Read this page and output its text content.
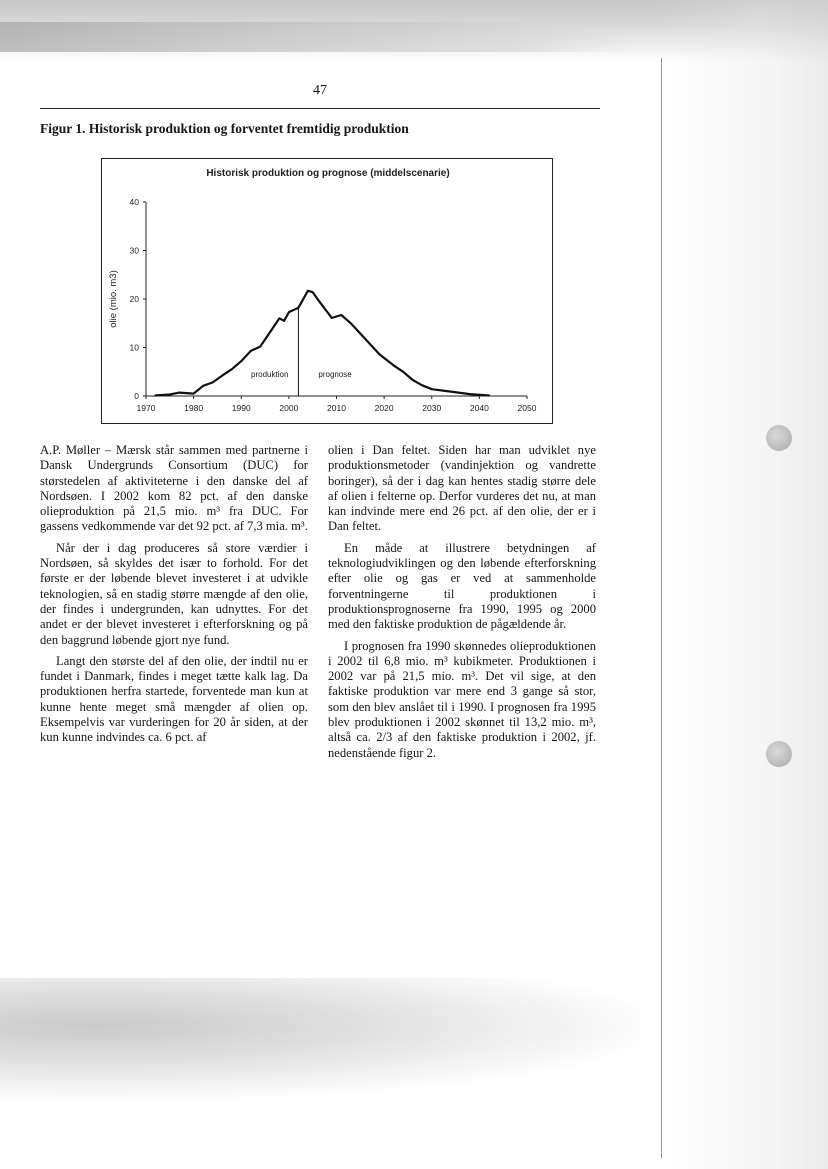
47
Figur 1. Historisk produktion og forventet fremtidig produktion
Historisk produktion og prognose (middelscenarie)
olie (mio. m3)
1970	1980	1990	2000	2010	2020	2030	2040	2050
0
10
20
30
40
produktion	prognose

A.P. Møller – Mærsk står sammen med partnerne i Dansk Undergrunds Consortium (DUC) for størstedelen af aktiviteterne i den danske del af Nordsøen. I 2002 kom 82 pct. af den danske olieproduktion på 21,5 mio. m³ fra DUC. For gassens vedkommende var det 92 pct. af 7,3 mia. m³.

Når der i dag produceres så store værdier i Nordsøen, så skyldes det især to forhold. For det første er der løbende blevet investeret i at udvikle teknologien, så en stadig større mængde af den olie, der findes i undergrunden, kan udnyttes. For det andet er der blevet investeret i efterforskning og på den baggrund løbende gjort nye fund.

Langt den største del af den olie, der indtil nu er fundet i Danmark, findes i meget tætte kalk lag. Da produktionen herfra startede, forventede man kun at kunne hente meget små mængder af olien op. Eksempelvis var vurderingen for 20 år siden, at der kun kunne indvindes ca. 6 pct. af

olien i Dan feltet. Siden har man udviklet nye produktionsmetoder (vandinjektion og vandrette boringer), så der i dag kan hentes stadig større dele af olien i felterne op. Derfor vurderes det nu, at man kan indvinde mere end 26 pct. af den olie, der er i Dan feltet.

En måde at illustrere betydningen af teknologiudviklingen og den løbende efterforskning efter olie og gas er ved at sammenholde forventningerne til produktionen i produktionsprognoserne fra 1990, 1995 og 2000 med den faktiske produktion de pågældende år.

I prognosen fra 1990 skønnedes olieproduktionen i 2002 til 6,8 mio. m³ kubikmeter. Produktionen i 2002 var på 21,5 mio. m³. Det vil sige, at den faktiske produktion var mere end 3 gange så stor, som den blev anslået til i 1990. I prognosen fra 1995 blev produktionen i 2002 skønnet til 13,2 mio. m³, altså ca. 2/3 af den faktiske produktion i 2002, jf. nedenstående figur 2.
